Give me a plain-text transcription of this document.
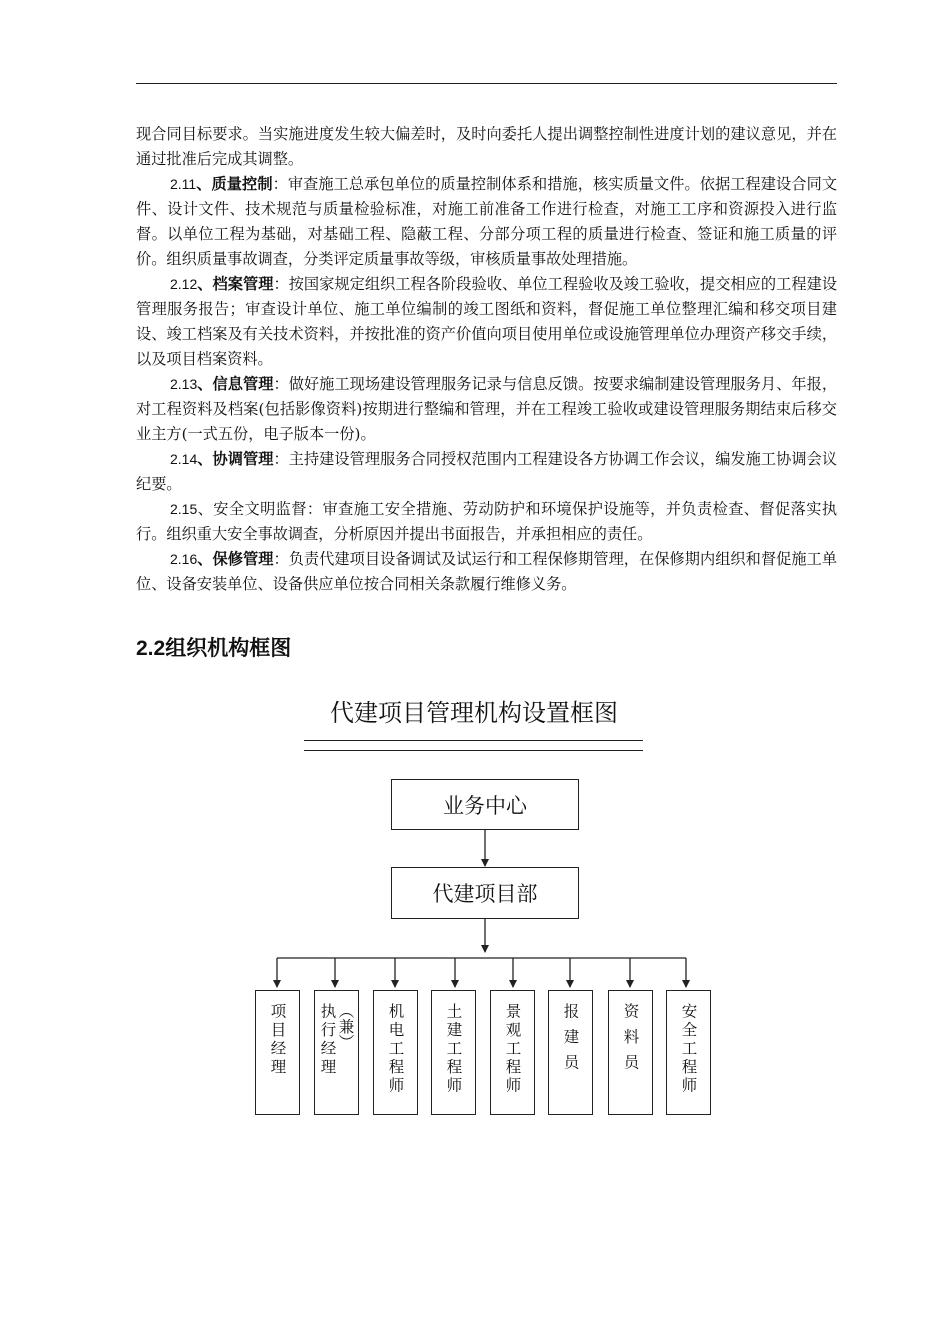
现合同目标要求。当实施进度发生较大偏差时，及时向委托人提出调整控制性进度计划的建议意见，并在通过批准后完成其调整。

2.11、质量控制：审查施工总承包单位的质量控制体系和措施，核实质量文件。依据工程建设合同文件、设计文件、技术规范与质量检验标准，对施工前准备工作进行检查，对施工工序和资源投入进行监督。以单位工程为基础，对基础工程、隐蔽工程、分部分项工程的质量进行检查、签证和施工质量的评价。组织质量事故调查，分类评定质量事故等级，审核质量事故处理措施。

2.12、档案管理：按国家规定组织工程各阶段验收、单位工程验收及竣工验收，提交相应的工程建设管理服务报告；审查设计单位、施工单位编制的竣工图纸和资料，督促施工单位整理汇编和移交项目建设、竣工档案及有关技术资料，并按批准的资产价值向项目使用单位或设施管理单位办理资产移交手续，以及项目档案资料。

2.13、信息管理：做好施工现场建设管理服务记录与信息反馈。按要求编制建设管理服务月、年报，对工程资料及档案(包括影像资料)按期进行整编和管理，并在工程竣工验收或建设管理服务期结束后移交业主方(一式五份，电子版本一份)。

2.14、协调管理：主持建设管理服务合同授权范围内工程建设各方协调工作会议，编发施工协调会议纪要。

2.15、安全文明监督：审查施工安全措施、劳动防护和环境保护设施等，并负责检查、督促落实执行。组织重大安全事故调查，分析原因并提出书面报告，并承担相应的责任。

2.16、保修管理：负责代建项目设备调试及试运行和工程保修期管理，在保修期内组织和督促施工单位、设备安装单位、设备供应单位按合同相关条款履行维修义务。

2.2组织机构框图
代建项目管理机构设置框图
业务中心
代建项目部
项目经理 执行经理 （兼） 机电工程师	土建工程师	景观工程师	报建员	资料员	安全工程师
